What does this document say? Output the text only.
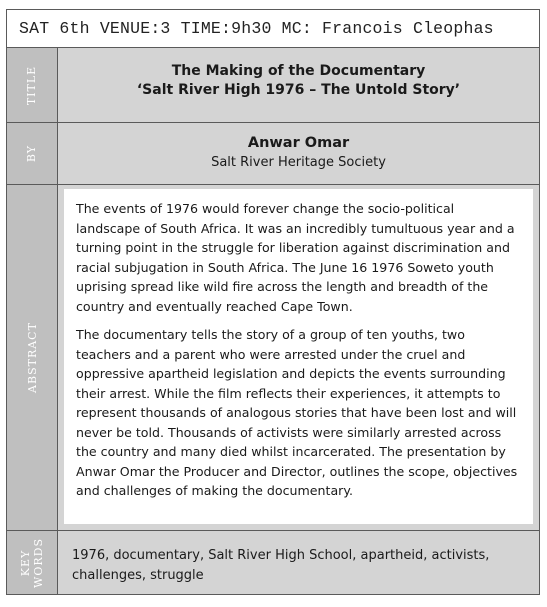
SAT 6th VENUE:3 TIME:9h30 MC: Francois Cleophas
TITLE	The Making of the Documentary
‘Salt River High 1976 – The Untold Story’
BY
Anwar Omar
Salt River Heritage Society
ABSTRACT

The events of 1976 would forever change the socio-political landscape of South Africa. It was an incredibly tumultuous year and a turning point in the struggle for liberation against discrimination and racial subjugation in South Africa. The June 16 1976 Soweto youth uprising spread like wild fire across the length and breadth of the country and eventually reached Cape Town.

The documentary tells the story of a group of ten youths, two teachers and a parent who were arrested under the cruel and oppressive apartheid legislation and depicts the events surrounding their arrest. While the film reflects their experiences, it attempts to represent thousands of analogous stories that have been lost and will never be told. Thousands of activists were similarly arrested across the country and many died whilst incarcerated. The presentation by Anwar Omar the Producer and Director, outlines the scope, objectives and challenges of making the documentary.

KEY WORDS	1976, documentary, Salt River High School, apartheid, activists, challenges, struggle
